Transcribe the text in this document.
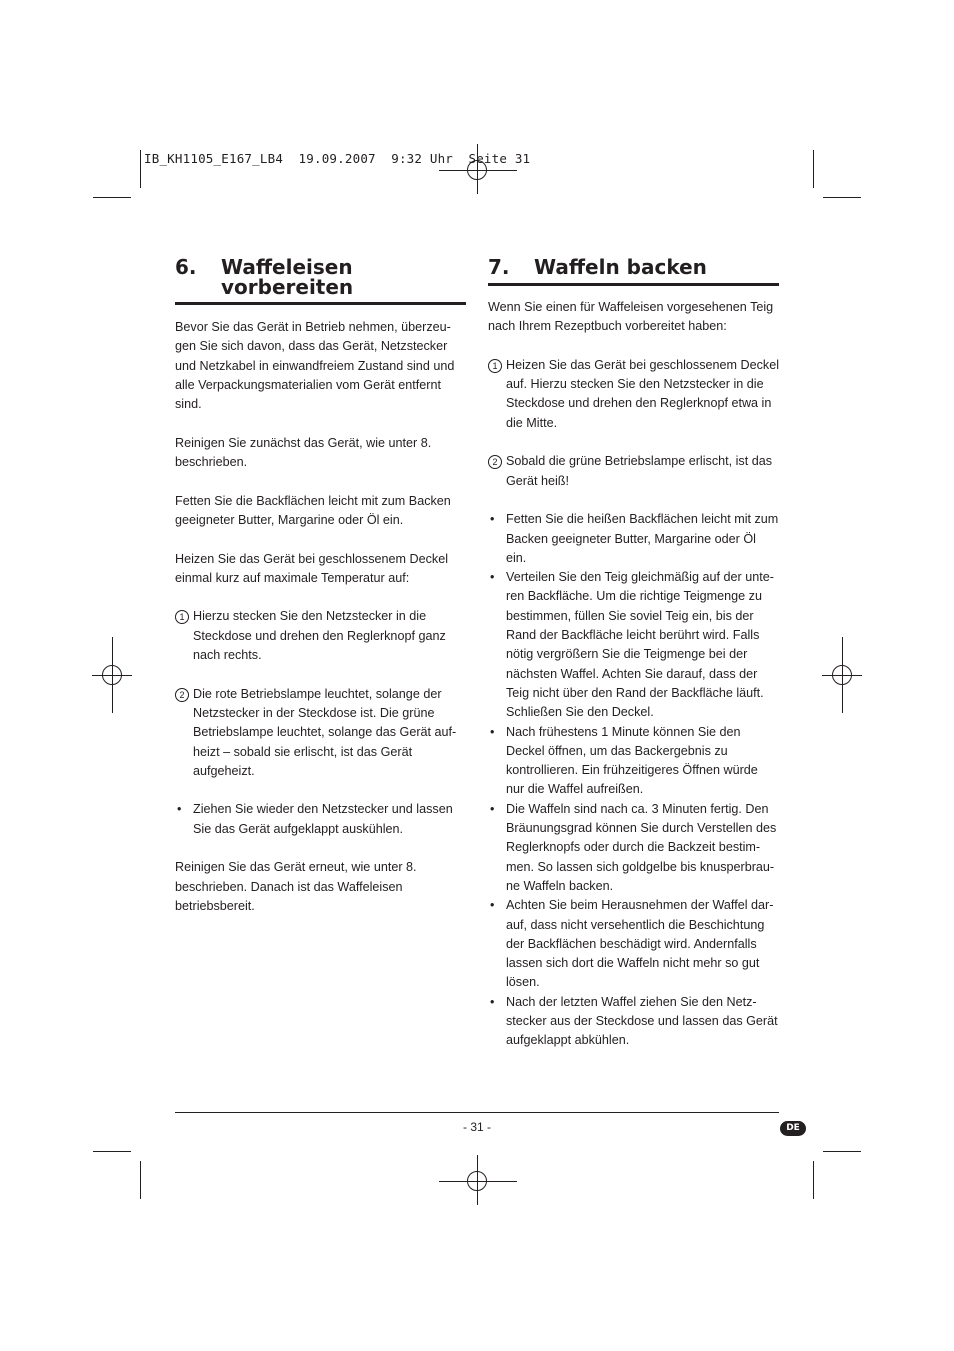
IB_KH1105_E167_LB4  19.09.2007  9:32 Uhr  Seite 31
6. Waffeleisen
vorbereiten
Bevor Sie das Gerät in Betrieb nehmen, überzeu-
gen Sie sich davon, dass das Gerät, Netzstecker
und Netzkabel in einwandfreiem Zustand sind und
alle Verpackungsmaterialien vom Gerät entfernt
sind.
Reinigen Sie zunächst das Gerät, wie unter 8.
beschrieben.
Fetten Sie die Backflächen leicht mit zum Backen
geeigneter Butter, Margarine oder Öl ein.
Heizen Sie das Gerät bei geschlossenem Deckel
einmal kurz auf maximale Temperatur auf:
1 Hierzu stecken Sie den Netzstecker in die
Steckdose und drehen den Reglerknopf ganz
nach rechts.
2 Die rote Betriebslampe leuchtet, solange der
Netzstecker in der Steckdose ist. Die grüne
Betriebslampe leuchtet, solange das Gerät auf-
heizt – sobald sie erlischt, ist das Gerät
aufgeheizt.
• Ziehen Sie wieder den Netzstecker und lassen
Sie das Gerät aufgeklappt auskühlen.
Reinigen Sie das Gerät erneut, wie unter 8.
beschrieben. Danach ist das Waffeleisen
betriebsbereit.
7. Waffeln backen
Wenn Sie einen für Waffeleisen vorgesehenen Teig
nach Ihrem Rezeptbuch vorbereitet haben:
1 Heizen Sie das Gerät bei geschlossenem Deckel
auf. Hierzu stecken Sie den Netzstecker in die
Steckdose und drehen den Reglerknopf etwa in
die Mitte.
2 Sobald die grüne Betriebslampe erlischt, ist das
Gerät heiß!
• Fetten Sie die heißen Backflächen leicht mit zum
Backen geeigneter Butter, Margarine oder Öl
ein.
• Verteilen Sie den Teig gleichmäßig auf der unte-
ren Backfläche. Um die richtige Teigmenge zu
bestimmen, füllen Sie soviel Teig ein, bis der
Rand der Backfläche leicht berührt wird. Falls
nötig vergrößern Sie die Teigmenge bei der
nächsten Waffel. Achten Sie darauf, dass der
Teig nicht über den Rand der Backfläche läuft.
Schließen Sie den Deckel.
• Nach frühestens 1 Minute können Sie den
Deckel öffnen, um das Backergebnis zu
kontrollieren. Ein frühzeitigeres Öffnen würde
nur die Waffel aufreißen.
• Die Waffeln sind nach ca. 3 Minuten fertig. Den
Bräunungsgrad können Sie durch Verstellen des
Reglerknopfs oder durch die Backzeit bestim-
men. So lassen sich goldgelbe bis knusperbrau-
ne Waffeln backen.
• Achten Sie beim Herausnehmen der Waffel dar-
auf, dass nicht versehentlich die Beschichtung
der Backflächen beschädigt wird. Andernfalls
lassen sich dort die Waffeln nicht mehr so gut
lösen.
• Nach der letzten Waffel ziehen Sie den Netz-
stecker aus der Steckdose und lassen das Gerät
aufgeklappt abkühlen.
- 31 -	DE
